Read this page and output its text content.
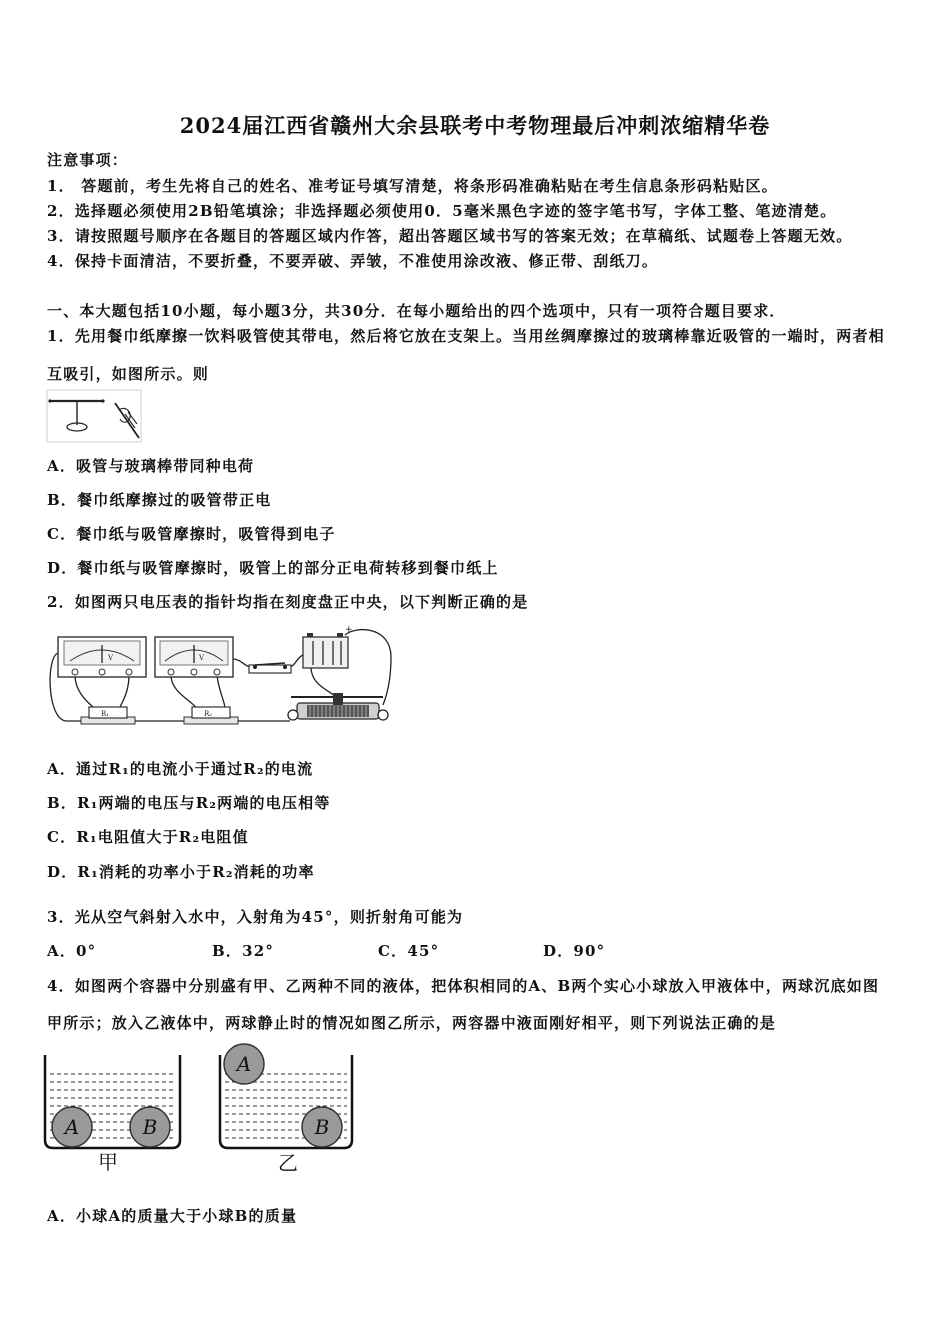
2024届江西省赣州大余县联考中考物理最后冲刺浓缩精华卷
注意事项：
1． 答题前，考生先将自己的姓名、准考证号填写清楚，将条形码准确粘贴在考生信息条形码粘贴区。
2．选择题必须使用2B铅笔填涂；非选择题必须使用0．5毫米黑色字迹的签字笔书写，字体工整、笔迹清楚。
3．请按照题号顺序在各题目的答题区域内作答，超出答题区域书写的答案无效；在草稿纸、试题卷上答题无效。
4．保持卡面清洁，不要折叠，不要弄破、弄皱，不准使用涂改液、修正带、刮纸刀。
一、本大题包括10小题，每小题3分，共30分．在每小题给出的四个选项中，只有一项符合题目要求．
1．先用餐巾纸摩擦一饮料吸管使其带电，然后将它放在支架上。当用丝绸摩擦过的玻璃棒靠近吸管的一端时，两者相
互吸引，如图所示。则
A．吸管与玻璃棒带同种电荷
B．餐巾纸摩擦过的吸管带正电
C．餐巾纸与吸管摩擦时，吸管得到电子
D．餐巾纸与吸管摩擦时，吸管上的部分正电荷转移到餐巾纸上
2．如图两只电压表的指针均指在刻度盘正中央，以下判断正确的是
V	V
R₁	R₂
+
A．通过R₁的电流小于通过R₂的电流
B．R₁两端的电压与R₂两端的电压相等
C．R₁电阻值大于R₂电阻值
D．R₁消耗的功率小于R₂消耗的功率
3．光从空气斜射入水中，入射角为45°，则折射角可能为
A．0°	B．32°	C．45°	D．90°
4．如图两个容器中分别盛有甲、乙两种不同的液体，把体积相同的A、B两个实心小球放入甲液体中，两球沉底如图
甲所示；放入乙液体中，两球静止时的情况如图乙所示，两容器中液面刚好相平，则下列说法正确的是
A	B
甲
A
B
乙
A．小球A的质量大于小球B的质量
